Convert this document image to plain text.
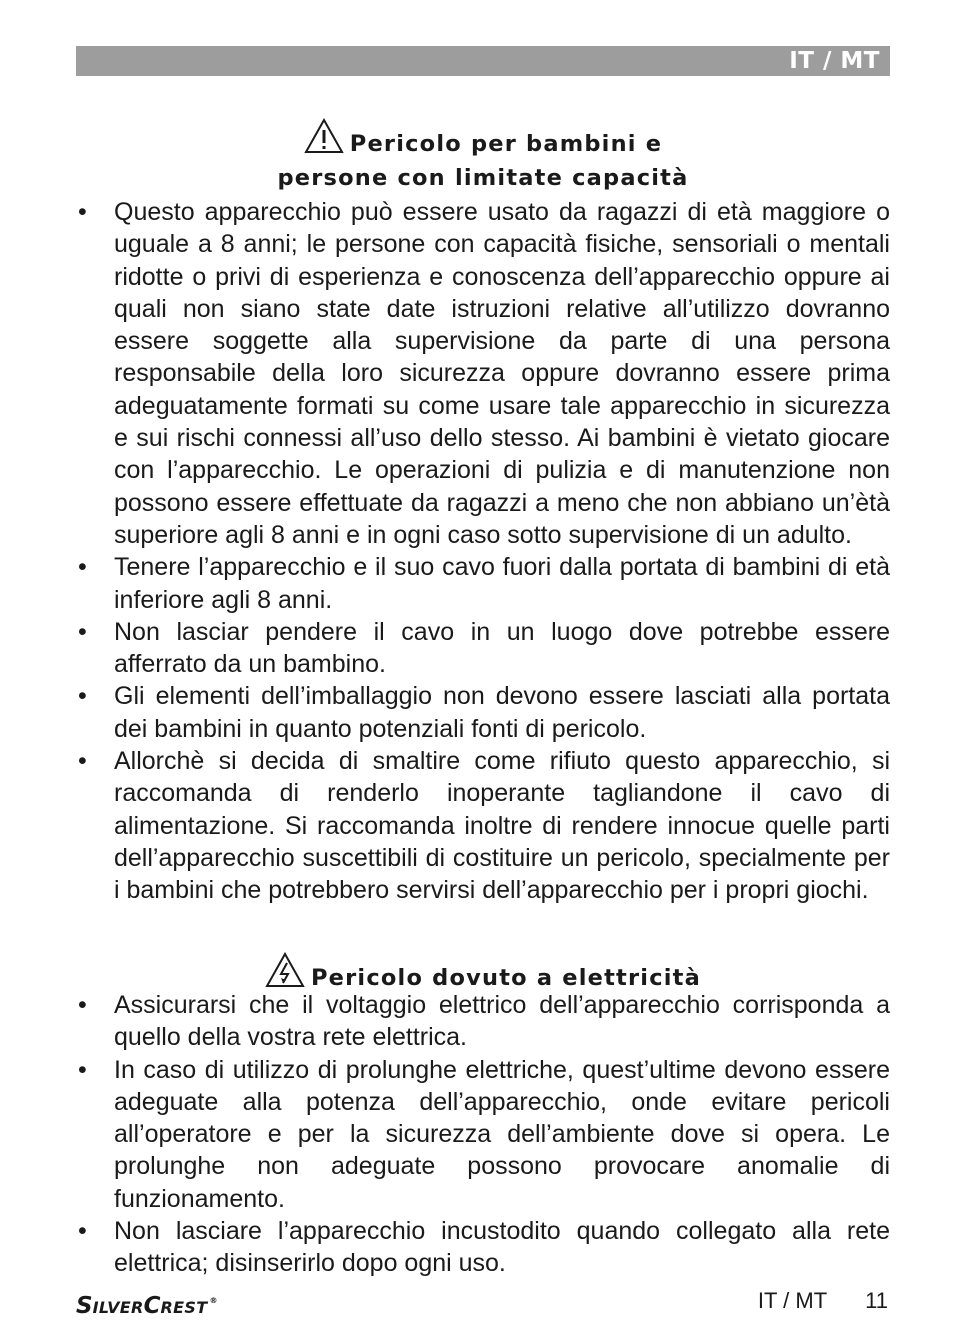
IT / MT
Pericolo per bambini e
persone con limitate capacità
• Questo apparecchio può essere usato da ragazzi di età maggiore o uguale a 8 anni; le persone con capacità fisiche, sensoriali o mentali ridotte o privi di esperienza e conoscenza dell’apparecchio oppure ai quali non siano state date istruzioni relative all’utilizzo dovranno essere soggette alla supervisione da parte di una persona responsabile della loro sicurezza oppure dovranno essere prima adeguatamente formati su come usare tale apparecchio in sicurezza e sui rischi connessi all’uso dello stesso. Ai bambini è vietato giocare con l’apparecchio. Le operazioni di pulizia e di manutenzione non possono essere effettuate da ragazzi a meno che non abbiano un’ètà superiore agli 8 anni e in ogni caso sotto supervisione di un adulto.
• Tenere l’apparecchio e il suo cavo fuori dalla portata di bambini di età inferiore agli 8 anni.
• Non lasciar pendere il cavo in un luogo dove potrebbe essere afferrato da un bambino.
• Gli elementi dell’imballaggio non devono essere lasciati alla portata dei bambini in quanto potenziali fonti di pericolo.
• Allorchè si decida di smaltire come rifiuto questo apparecchio, si raccomanda di renderlo inoperante tagliandone il cavo di alimentazione. Si raccomanda inoltre di rendere innocue quelle parti dell’apparecchio suscettibili di costituire un pericolo, specialmente per i bambini che potrebbero servirsi dell’apparecchio per i propri giochi.
Pericolo dovuto a elettricità
• Assicurarsi che il voltaggio elettrico dell’apparecchio corrisponda a quello della vostra rete elettrica.
• In caso di utilizzo di prolunghe elettriche, quest’ultime devono essere adeguate alla potenza dell’apparecchio, onde evitare pericoli all’operatore e per la sicurezza dell’ambiente dove si opera. Le prolunghe non adeguate possono provocare anomalie di funzionamento.
• Non lasciare l’apparecchio incustodito quando collegato alla rete elettrica; disinserirlo dopo ogni uso.
SILVERCREST ®	IT / MT 11
